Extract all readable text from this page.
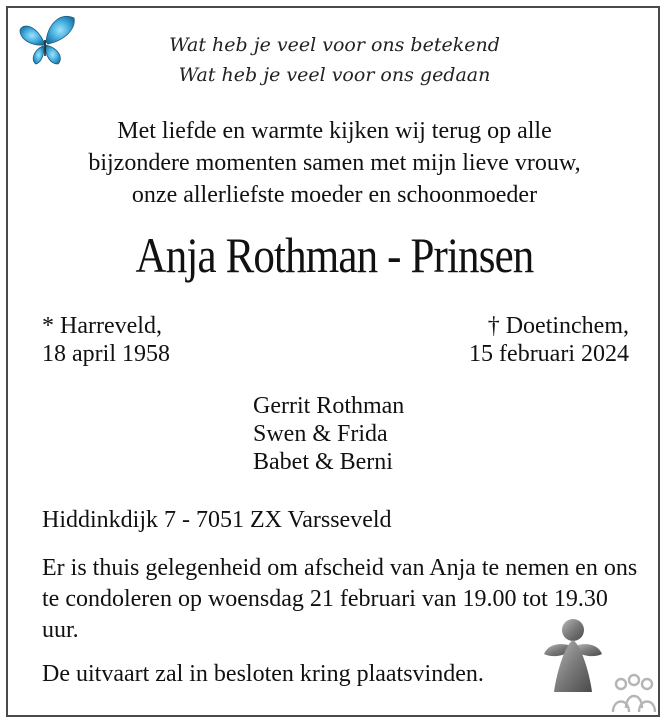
Wat heb je veel voor ons betekend
Wat heb je veel voor ons gedaan
Met liefde en warmte kijken wij terug op alle
bijzondere momenten samen met mijn lieve vrouw,
onze allerliefste moeder en schoonmoeder
Anja Rothman - Prinsen
* Harreveld,
18 april 1958
† Doetinchem,
15 februari 2024
Gerrit Rothman
Swen & Frida
Babet & Berni
Hiddinkdijk 7 - 7051 ZX Varsseveld
Er is thuis gelegenheid om afscheid van Anja te nemen en ons te condoleren op woensdag 21 februari van 19.00 tot 19.30 uur.
De uitvaart zal in besloten kring plaatsvinden.
